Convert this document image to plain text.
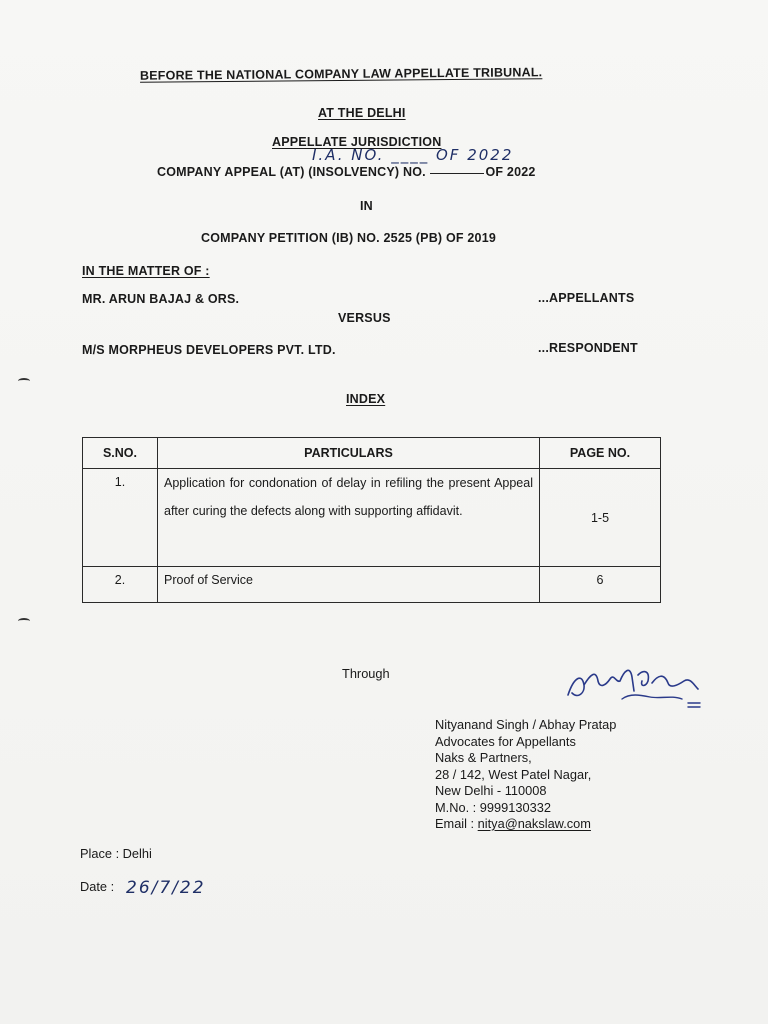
BEFORE THE NATIONAL COMPANY LAW APPELLATE TRIBUNAL.
AT THE DELHI
APPELLATE JURISDICTION
I.A. NO. ____ OF 2022
COMPANY APPEAL (AT) (INSOLVENCY) NO.	OF 2022
IN
COMPANY PETITION (IB) NO. 2525 (PB) OF 2019
IN THE MATTER OF :
MR. ARUN BAJAJ & ORS.	...APPELLANTS
VERSUS
M/S MORPHEUS DEVELOPERS PVT. LTD.	...RESPONDENT
INDEX
S.NO.	PARTICULARS	PAGE NO.
1.	Application for condonation of delay in refiling the present Appeal after curing the defects along with supporting affidavit.	1-5
2.	Proof of Service	6
Through
Nityanand Singh / Abhay Pratap
Advocates for Appellants
Naks & Partners,
28 / 142, West Patel Nagar,
New Delhi - 110008
M.No. : 9999130332
Email : nitya@nakslaw.com
Place : Delhi
Date : 26/7/22
